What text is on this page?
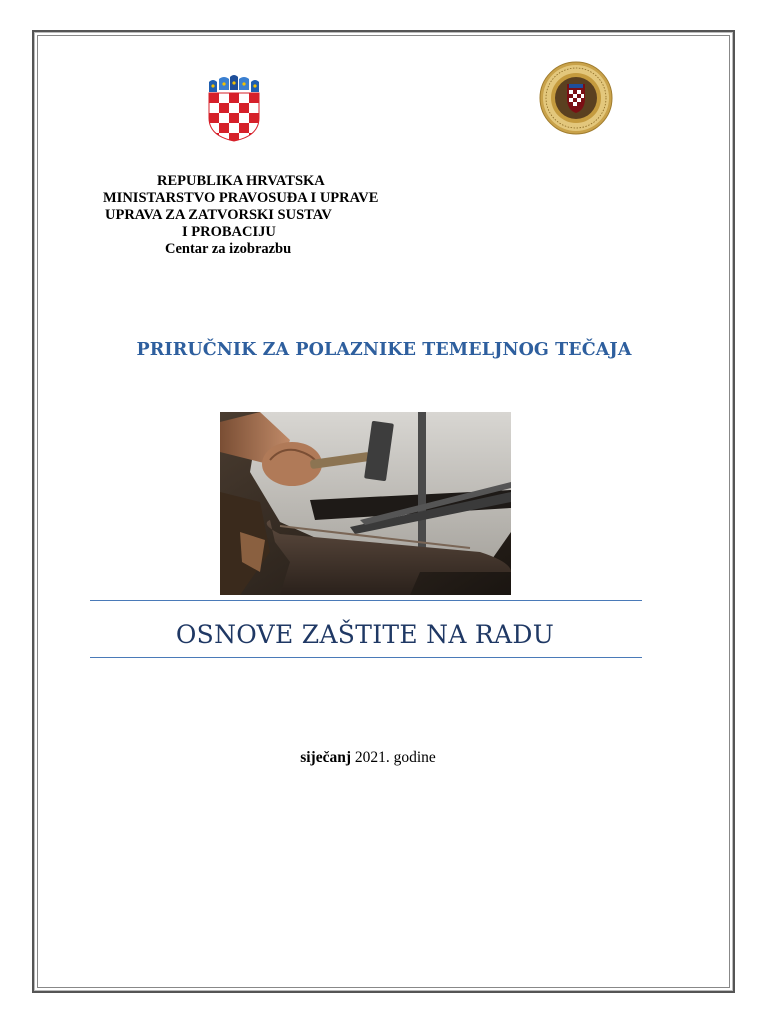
REPUBLIKA HRVATSKA
MINISTARSTVO PRAVOSUĐA I UPRAVE
UPRAVA ZA ZATVORSKI SUSTAV
I PROBACIJU
Centar za izobrazbu
PRIRUČNIK ZA POLAZNIKE TEMELJNOG TEČAJA
OSNOVE ZAŠTITE NA RADU
siječanj 2021. godine
